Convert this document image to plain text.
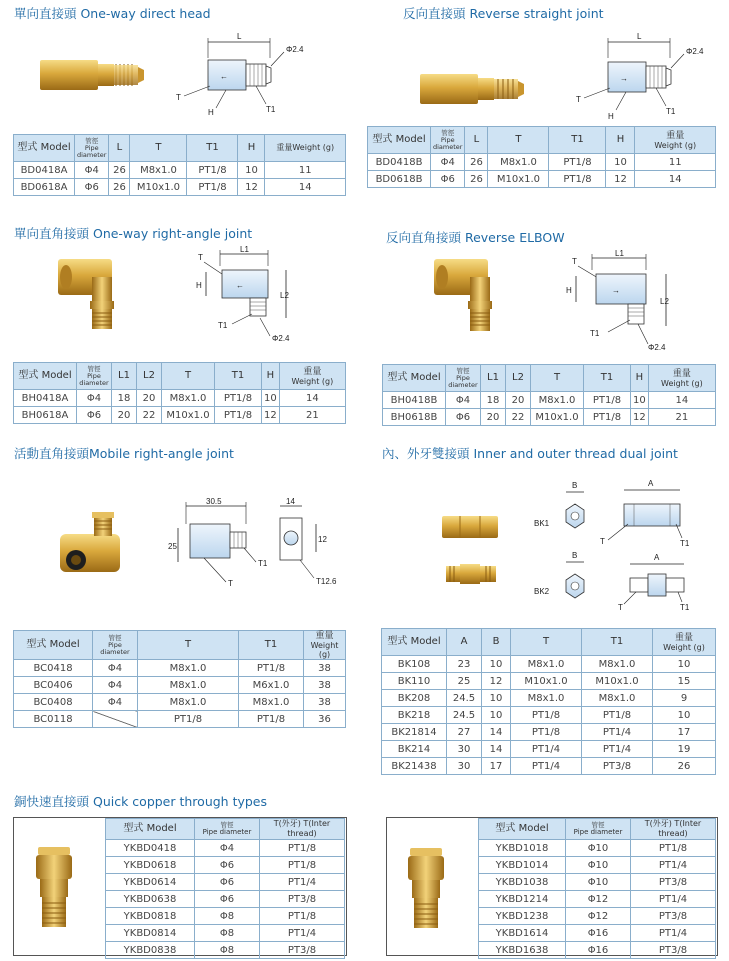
單向直接頭 One-way direct head
L
←
Φ2.4
T
H	T1
型式 Model	管徑
Pipe
diameter	L	T	T1	H	重量Weight (g)
BD0418A	Φ4	26	M8x1.0	PT1/8	10	11
BD0618A	Φ6	26	M10x1.0	PT1/8	12	14
反向直接頭 Reverse straight joint
L
→
Φ2.4
T
H
T1
型式 Model	管徑
Pipe
diameter	L	T	T1	H	重量
Weight (g)

BD0418B	Φ4	26	M8x1.0	PT1/8	10	11
BD0618B	Φ6	26	M10x1.0	PT1/8	12	14
單向直角接頭 One-way right-angle joint
L1
T
H	←
L2
T1
Φ2.4
型式 Model	管徑
Pipe
diameter	L1	L2	T	T1	H	重量
Weight (g)

BH0418A	Φ4	18	20	M8x1.0	PT1/8	10	14
BH0618A	Φ6	20	22	M10x1.0	PT1/8	12	21
反向直角接頭 Reverse ELBOW
L1
T
H	→
L2
T1
Φ2.4
型式 Model	管徑
Pipe
diameter	L1	L2	T	T1	H	重量
Weight (g)

BH0418B	Φ4	18	20	M8x1.0	PT1/8	10	14
BH0618B	Φ6	20	22	M10x1.0	PT1/8	12	21
活動直角接頭Mobile right-angle joint
30.5
25
T1
T
14
12
T12.6
型式 Model	管徑
Pipe
diameter	T	T1	重量
Weight (g)

BC0418	Φ4	M8x1.0	PT1/8	38
BC0406	Φ4	M8x1.0	M6x1.0	38
BC0408	Φ4	M8x1.0	M8x1.0	38
BC0118		PT1/8	PT1/8	36
內、外牙雙接頭 Inner and outer thread dual joint
BK1
B	A
T	T1
BK2
B	A
T	T1
型式 Model	A	B	T	T1	重量
Weight (g)

BK108	23	10	M8x1.0	M8x1.0	10
BK110	25	12	M10x1.0	M10x1.0	15
BK208	24.5	10	M8x1.0	M8x1.0	9
BK218	24.5	10	PT1/8	PT1/8	10
BK21814	27	14	PT1/8	PT1/4	17
BK214	30	14	PT1/4	PT1/4	19
BK21438	30	17	PT1/4	PT3/8	26
銅快速直接頭 Quick copper through types
型式 Model	管徑
Pipe diameter	T(外牙) T(Inter thread)
YKBD0418	Φ4	PT1/8
YKBD0618	Φ6	PT1/8
YKBD0614	Φ6	PT1/4
YKBD0638	Φ6	PT3/8
YKBD0818	Φ8	PT1/8
YKBD0814	Φ8	PT1/4
YKBD0838	Φ8	PT3/8
型式 Model	管徑
Pipe diameter	T(外牙) T(Inter thread)
YKBD1018	Φ10	PT1/8
YKBD1014	Φ10	PT1/4
YKBD1038	Φ10	PT3/8
YKBD1214	Φ12	PT1/4
YKBD1238	Φ12	PT3/8
YKBD1614	Φ16	PT1/4
YKBD1638	Φ16	PT3/8
